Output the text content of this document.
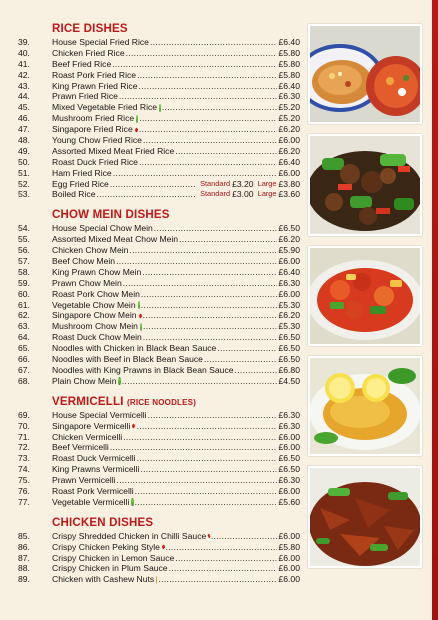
RICE DISHES
39.	House Special Fried Rice .....	£6.40
40.	Chicken Fried Rice .....	£5.80
41.	Beef Fried Rice .....	£5.80
42.	Roast Pork Fried Rice .....	£5.80
43.	King Prawn Fried Rice .....	£6.40
44.	Prawn Fried Rice .....	£6.30
45.	Mixed Vegetable Fried Rice .....	£5.20
46.	Mushroom Fried Rice .....	£5.20
47.	Singapore Fried Rice .....	£6.20
48.	Young Chow Fried Rice .....	£6.00
49.	Assorted Mixed Meat Fried Rice .....	£6.20
50.	Roast Duck Fried Rice .....	£6.40
51.	Ham Fried Rice .....	£6.00
52.	Egg Fried Rice .....	Standard £3.20 Large £3.80
53.	Boiled Rice .....	Standard £3.00 Large £3.60
CHOW MEIN DISHES
54.	House Special Chow Mein .....	£6.50
55.	Assorted Mixed Meat Chow Mein .....	£6.20
56.	Chicken Chow Mein .....	£5.90
57.	Beef Chow Mein .....	£6.00
58.	King Prawn Chow Mein .....	£6.40
59.	Prawn Chow Mein .....	£6.30
60.	Roast Pork Chow Mein .....	£6.00
61.	Vegetable Chow Mein .....	£5.30
62.	Singapore Chow Mein .....	£6.20
63.	Mushroom Chow Mein .....	£5.30
64.	Roast Duck Chow Mein .....	£6.50
65.	Noodles with Chicken in Black Bean Sauce .....	£6.50
66.	Noodles with Beef in Black Bean Sauce .....	£6.50
67.	Noodles with King Prawns in Black Bean Sauce .....	£6.80
68.	Plain Chow Mein .....	£4.50
VERMICELLI (RICE NOODLES)
69.	House Special Vermicelli .....	£6.30
70.	Singapore Vermicelli .....	£6.30
71.	Chicken Vermicelli .....	£6.00
72.	Beef Vermicelli .....	£6.00
73.	Roast Duck Vermicelli .....	£6.50
74.	King Prawns Vermicelli .....	£6.50
75.	Prawn Vermicelli .....	£6.30
76.	Roast Pork Vermicelli .....	£6.00
77.	Vegetable Vermicelli .....	£5.60
CHICKEN DISHES
85.	Crispy Shredded Chicken in Chilli Sauce .....	£6.00
86.	Crispy Chicken Peking Style .....	£5.80
87.	Crispy Chicken in Lemon Sauce .....	£6.00
88.	Crispy Chicken in Plum Sauce .....	£6.00
89.	Chicken with Cashew Nuts .....	£6.00
